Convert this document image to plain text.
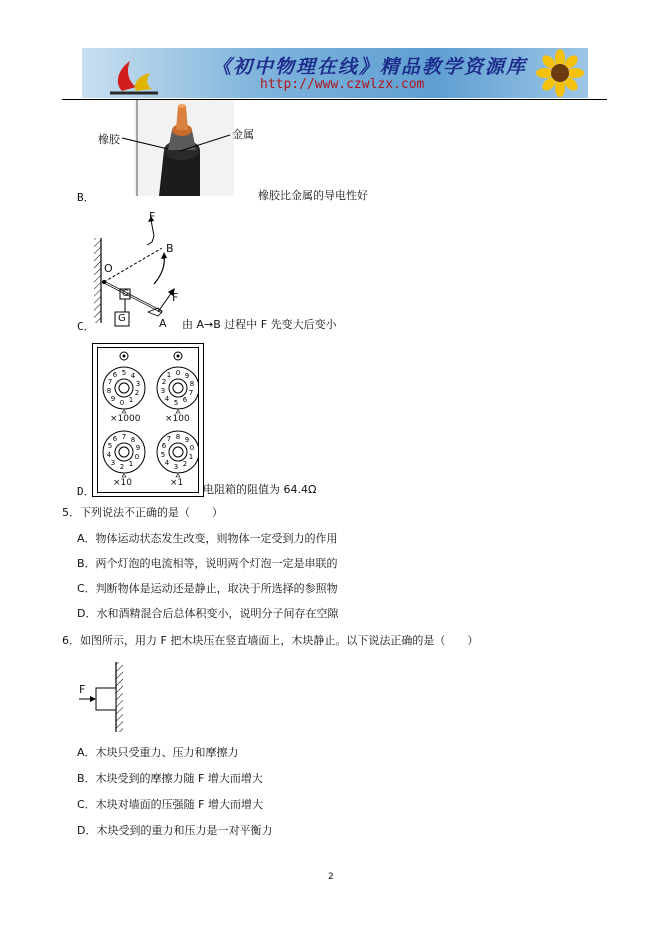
《初中物理在线》精品教学资源库
http://www.czwlzx.com
橡胶	金属
B．	橡胶比金属的导电性好
F
B
O
G	F
G	A
C．	由 A→B 过程中 F 先变大后变小
5 4
3
2
1
0
9
8
7
6	0 9
8
7
6
5
4
3
2
1
7 8
9
0
1
2
3
4
5
6	8 9
0
1
2
3
4
5
6
7
×1000	×100
×10	×1
D．	电阻箱的阻值为 64.4Ω
5．下列说法不正确的是（　　）
A．物体运动状态发生改变，则物体一定受到力的作用
B．两个灯泡的电流相等，说明两个灯泡一定是串联的
C．判断物体是运动还是静止，取决于所选择的参照物
D．水和酒精混合后总体积变小，说明分子间存在空隙
6．如图所示，用力 F 把木块压在竖直墙面上，木块静止。以下说法正确的是（　　）
F
A．木块只受重力、压力和摩擦力
B．木块受到的摩擦力随 F 增大而增大
C．木块对墙面的压强随 F 增大而增大
D．木块受到的重力和压力是一对平衡力
2
